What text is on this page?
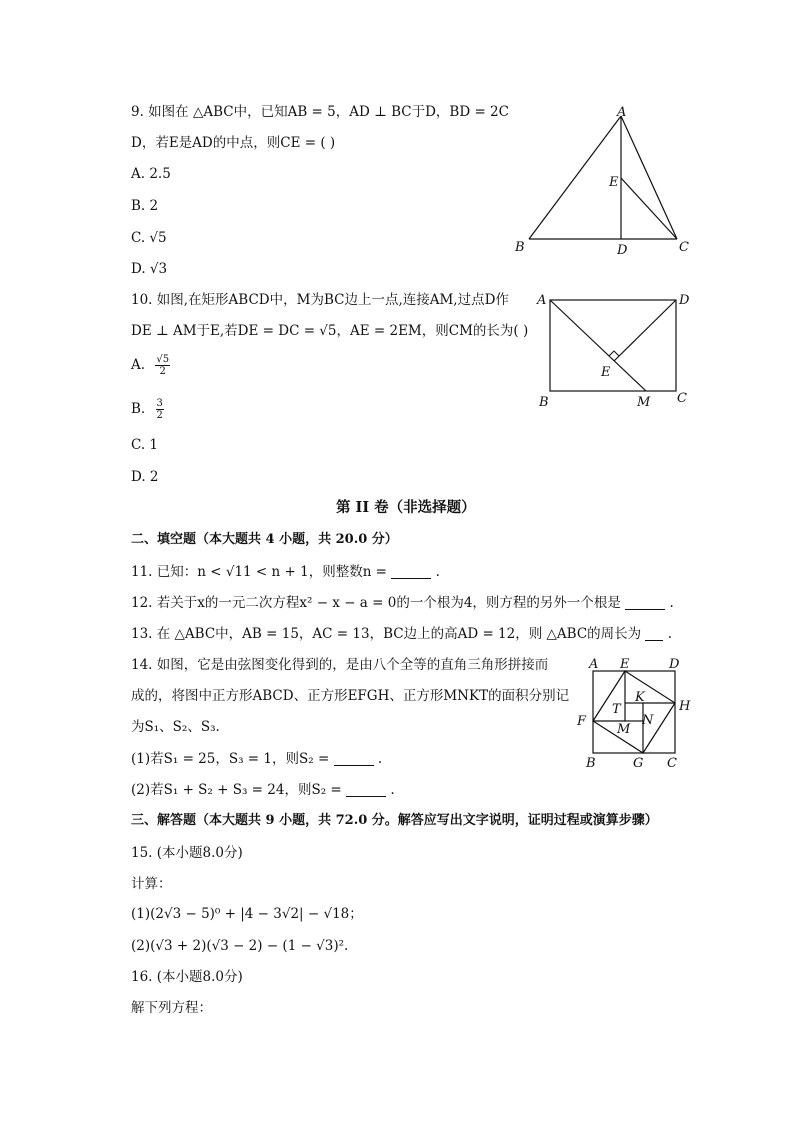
9. 如图在 △ABC中，已知AB = 5，AD ⊥ BC于D，BD = 2C
D，若E是AD的中点，则CE = ( )
A. 2.5
B. 2
C. √5
D. √3
A
E
B	D	C
10. 如图,在矩形ABCD中，M为BC边上一点,连接AM,过点D作
DE ⊥ AM于E,若DE = DC = √5，AE = 2EM，则CM的长为( )
A. $\frac{√5}{2}$
B. $\frac{3}{2}$
C. 1
D. 2
A	D
E
B	M C
第 II 卷（非选择题）
二、填空题（本大题共 4 小题，共 20.0 分）
11. 已知：n < √11 < n + 1，则整数n =	.
12. 若关于x的一元二次方程x² − x − a = 0的一个根为4，则方程的另外一个根是	.
13. 在 △ABC中，AB = 15，AC = 13，BC边上的高AD = 12，则 △ABC的周长为  .
14. 如图，它是由弦图变化得到的，是由八个全等的直角三角形拼接而
成的，将图中正方形ABCD、正方形EFGH、正方形MNKT的面积分别记
为S₁、S₂、S₃.
(1)若S₁ = 25，S₃ = 1，则S₂ =	.
(2)若S₁ + S₂ + S₃ = 24，则S₂ =	.
A E	D
F
H
B	G C
K
T
N
M
三、解答题（本大题共 9 小题，共 72.0 分。解答应写出文字说明，证明过程或演算步骤）
15. (本小题8.0分)
计算：
(1)(2√3 − 5)⁰ + |4 − 3√2| − √18；
(2)(√3 + 2)(√3 − 2) − (1 − √3)².
16. (本小题8.0分)
解下列方程：
